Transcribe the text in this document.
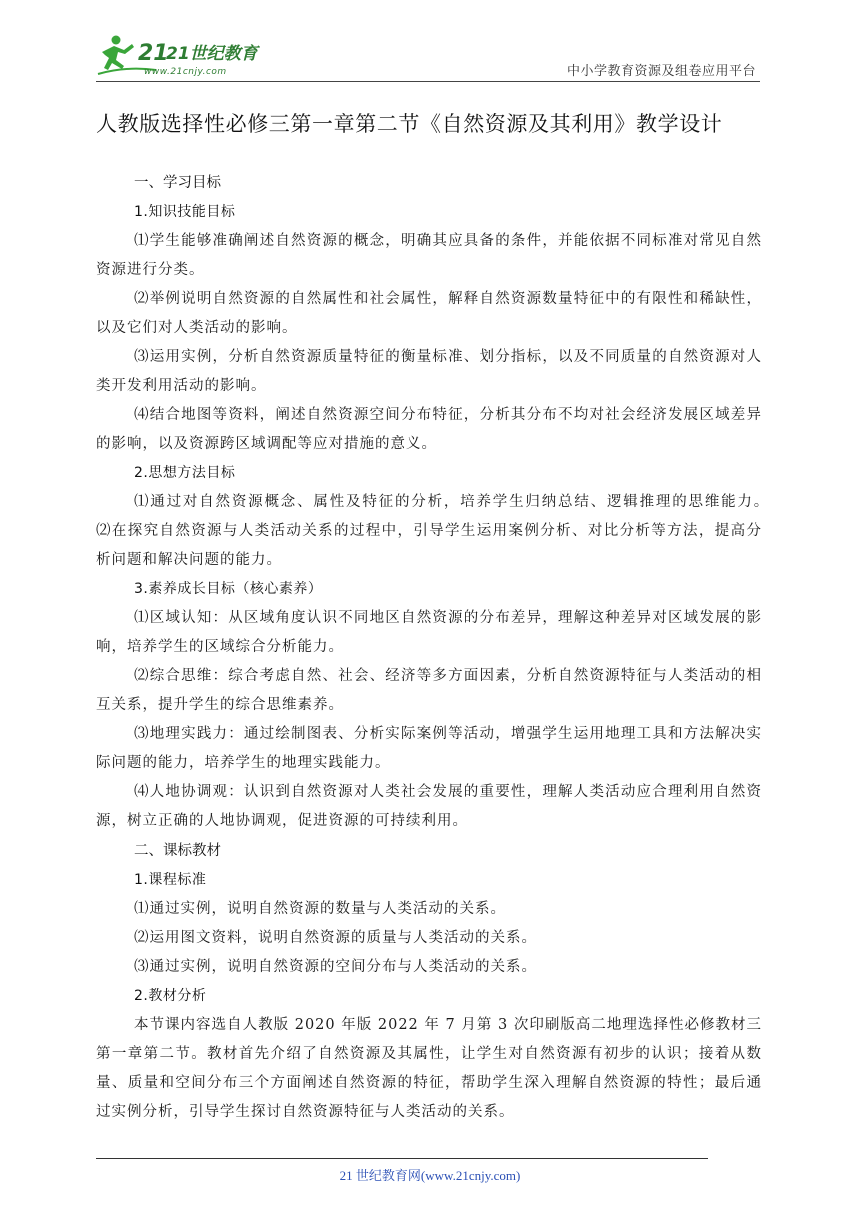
21
21世纪教育
www.21cnjy.com	中小学教育资源及组卷应用平台
人教版选择性必修三第一章第二节《自然资源及其利用》教学设计
一、学习目标
1.知识技能目标

⑴学生能够准确阐述自然资源的概念，明确其应具备的条件，并能依据不同标准对常见自然资源进行分类。

⑵举例说明自然资源的自然属性和社会属性，解释自然资源数量特征中的有限性和稀缺性，以及它们对人类活动的影响。

⑶运用实例，分析自然资源质量特征的衡量标准、划分指标，以及不同质量的自然资源对人类开发利用活动的影响。

⑷结合地图等资料，阐述自然资源空间分布特征，分析其分布不均对社会经济发展区域差异的影响，以及资源跨区域调配等应对措施的意义。

2.思想方法目标

⑴通过对自然资源概念、属性及特征的分析，培养学生归纳总结、逻辑推理的思维能力。　　⑵在探究自然资源与人类活动关系的过程中，引导学生运用案例分析、对比分析等方法，提高分析问题和解决问题的能力。

3.素养成长目标（核心素养）

⑴区域认知：从区域角度认识不同地区自然资源的分布差异，理解这种差异对区域发展的影响，培养学生的区域综合分析能力。

⑵综合思维：综合考虑自然、社会、经济等多方面因素，分析自然资源特征与人类活动的相互关系，提升学生的综合思维素养。

⑶地理实践力：通过绘制图表、分析实际案例等活动，增强学生运用地理工具和方法解决实际问题的能力，培养学生的地理实践能力。

⑷人地协调观：认识到自然资源对人类社会发展的重要性，理解人类活动应合理利用自然资源，树立正确的人地协调观，促进资源的可持续利用。

二、课标教材
1.课程标准

⑴通过实例，说明自然资源的数量与人类活动的关系。

⑵运用图文资料，说明自然资源的质量与人类活动的关系。

⑶通过实例，说明自然资源的空间分布与人类活动的关系。

2.教材分析

本节课内容选自人教版 2020 年版 2022 年 7 月第 3 次印刷版高二地理选择性必修教材三第一章第二节。教材首先介绍了自然资源及其属性，让学生对自然资源有初步的认识；接着从数量、质量和空间分布三个方面阐述自然资源的特征，帮助学生深入理解自然资源的特性；最后通过实例分析，引导学生探讨自然资源特征与人类活动的关系。

21 世纪教育网(www.21cnjy.com)
